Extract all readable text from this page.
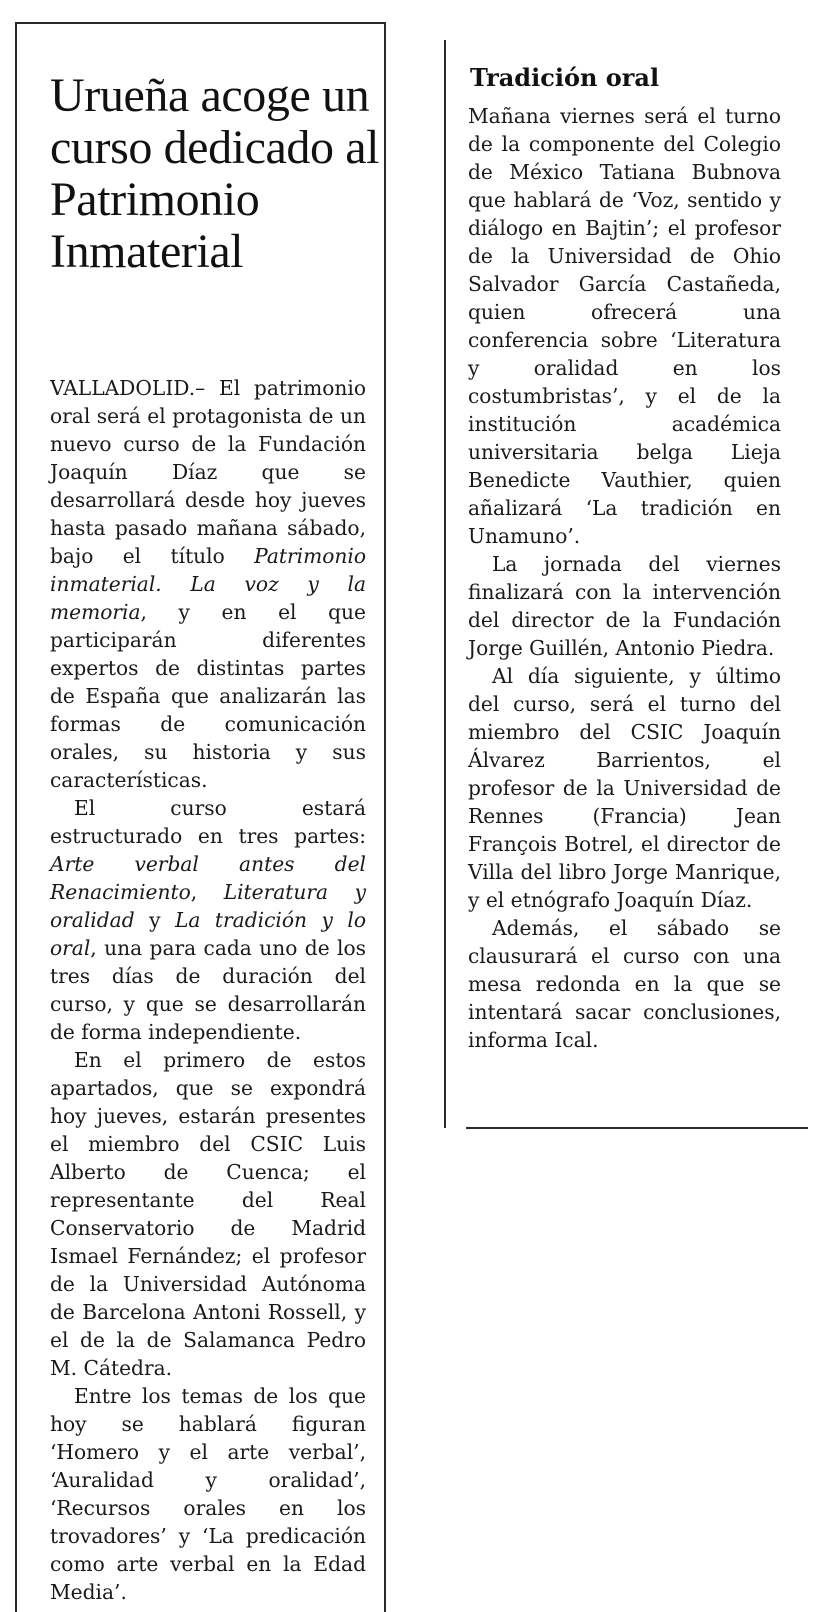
Urueña acoge un curso dedicado al Patrimonio Inmaterial

VALLADOLID.– El patrimonio oral será el protagonista de un nuevo curso de la Fundación Joaquín Díaz que se desarrollará desde hoy jueves hasta pasado mañana sábado, bajo el título Patrimonio inmaterial. La voz y la memoria, y en el que participarán diferentes expertos de distintas partes de España que analizarán las formas de comunicación orales, su historia y sus características.

El curso estará estructurado en tres partes: Arte verbal antes del Renacimiento, Literatura y oralidad y La tradición y lo oral, una para cada uno de los tres días de duración del curso, y que se desarrollarán de forma independiente.

En el primero de estos apartados, que se expondrá hoy jueves, estarán presentes el miembro del CSIC Luis Alberto de Cuenca; el representante del Real Conservatorio de Madrid Ismael Fernández; el profesor de la Universidad Autónoma de Barcelona Antoni Rossell, y el de la de Salamanca Pedro M. Cátedra.

Entre los temas de los que hoy se hablará figuran ‘Homero y el arte verbal’, ‘Auralidad y oralidad’, ‘Recursos orales en los trovadores’ y ‘La predicación como arte verbal en la Edad Media’.

Tradición oral

Mañana viernes será el turno de la componente del Colegio de México Tatiana Bubnova que hablará de ‘Voz, sentido y diálogo en Bajtin’; el profesor de la Universidad de Ohio Salvador García Castañeda, quien ofrecerá una conferencia sobre ‘Literatura y oralidad en los costumbristas’, y el de la institución académica universitaria belga Lieja Benedicte Vauthier, quien añalizará ‘La tradición en Unamuno’.

La jornada del viernes finalizará con la intervención del director de la Fundación Jorge Guillén, Antonio Piedra.

Al día siguiente, y último del curso, será el turno del miembro del CSIC Joaquín Álvarez Barrientos, el profesor de la Universidad de Rennes (Francia) Jean François Botrel, el director de Villa del libro Jorge Manrique, y el etnógrafo Joaquín Díaz.

Además, el sábado se clausurará el curso con una mesa redonda en la que se intentará sacar conclusiones, informa Ical.
